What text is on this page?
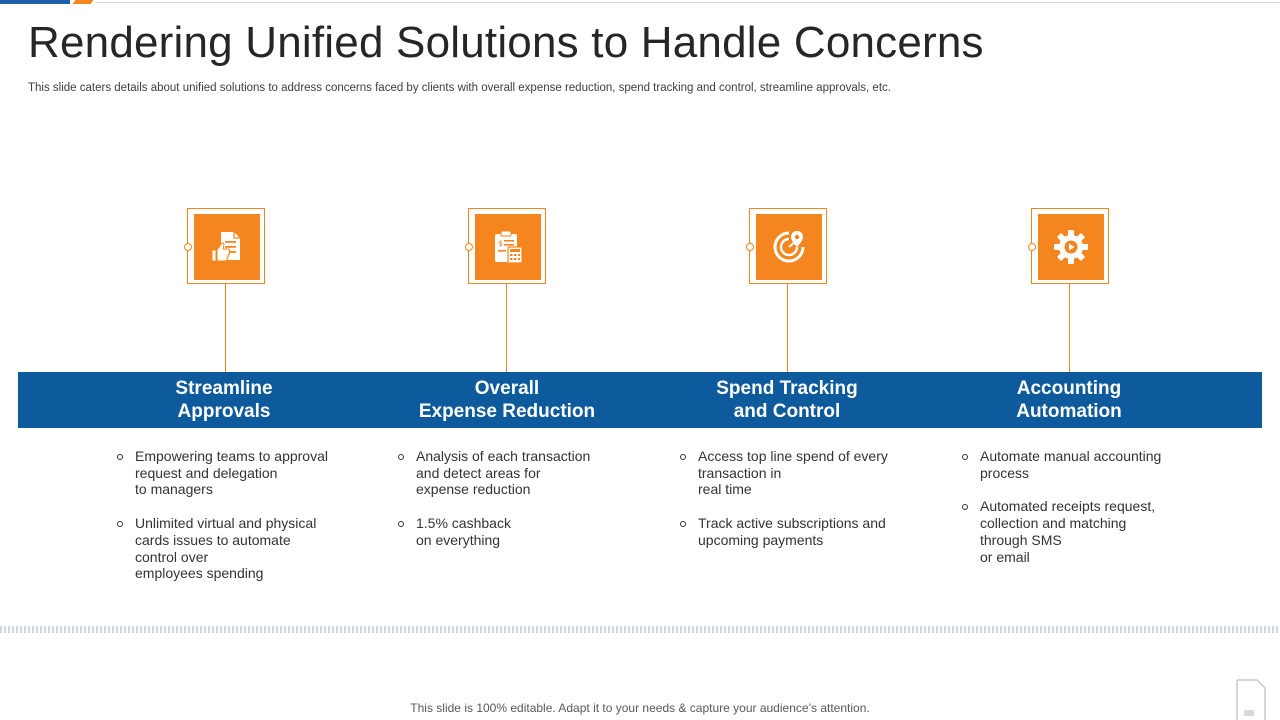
Rendering Unified Solutions to Handle Concerns

This slide caters details about unified solutions to address concerns faced by clients with overall expense reduction, spend tracking and control, streamline approvals, etc.

$
Streamline
Approvals
Overall
Expense Reduction
Spend Tracking
and Control
Accounting
Automation
Empowering teams to approval request and delegation
to managers
Unlimited virtual and physical cards issues to automate control over
employees spending
Analysis of each transaction and detect areas for
expense reduction
1.5% cashback
on everything
Access top line spend of every transaction in
real time
Track active subscriptions and upcoming payments
Automate manual accounting process
Automated receipts request, collection and matching through SMS
or email

This slide is 100% editable. Adapt it to your needs & capture your audience’s attention.
